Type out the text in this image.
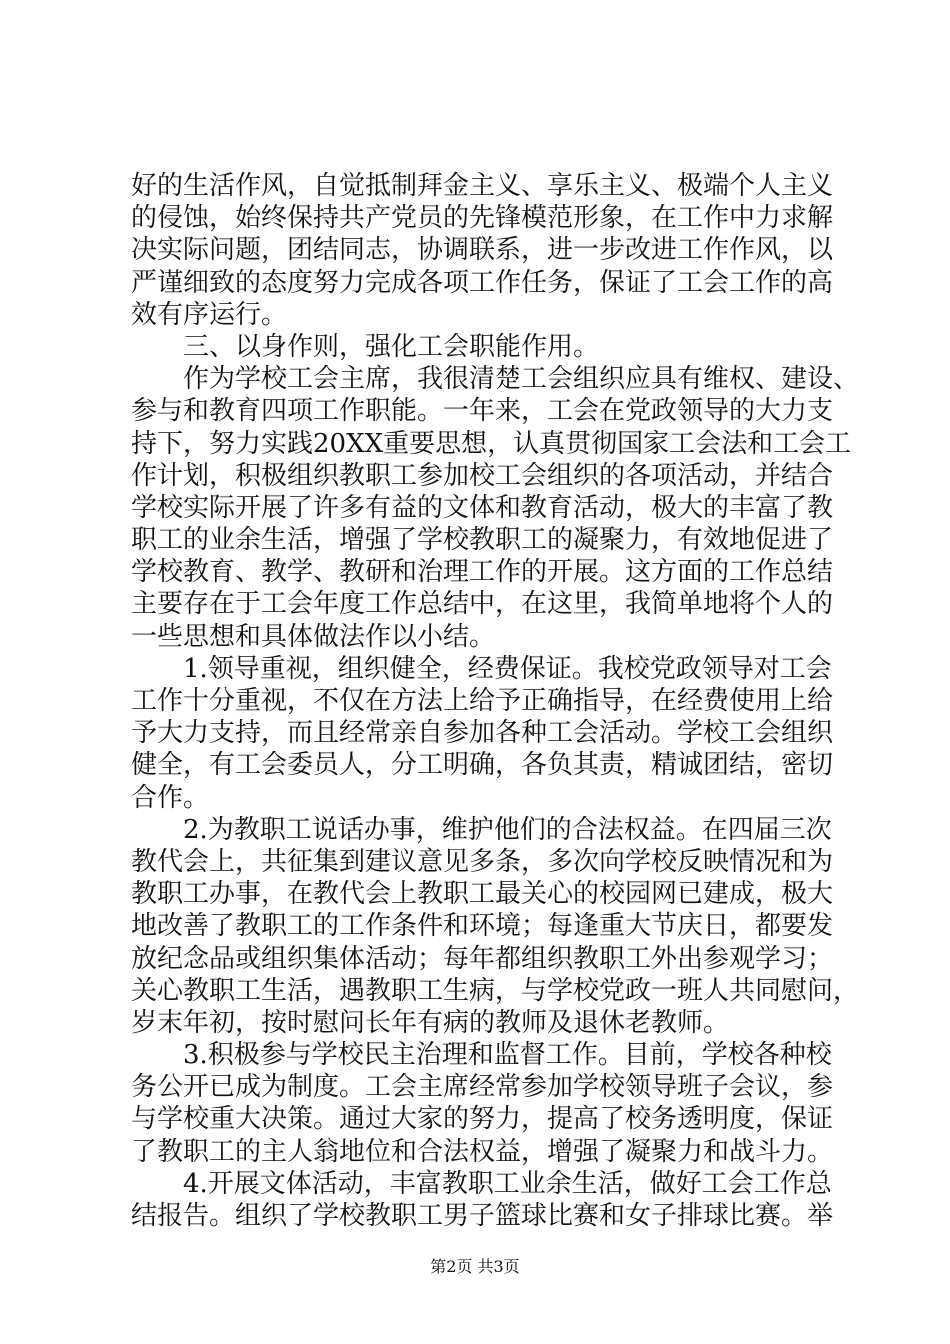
好的生活作风，自觉抵制拜金主义、享乐主义、极端个人主义
的侵蚀，始终保持共产党员的先锋模范形象，在工作中力求解
决实际问题，团结同志，协调联系，进一步改进工作作风，以
严谨细致的态度努力完成各项工作任务，保证了工会工作的高
效有序运行。
三、以身作则，强化工会职能作用。
作为学校工会主席，我很清楚工会组织应具有维权、建设、
参与和教育四项工作职能。一年来，工会在党政领导的大力支
持下，努力实践20XX重要思想，认真贯彻国家工会法和工会工
作计划，积极组织教职工参加校工会组织的各项活动，并结合
学校实际开展了许多有益的文体和教育活动，极大的丰富了教
职工的业余生活，增强了学校教职工的凝聚力，有效地促进了
学校教育、教学、教研和治理工作的开展。这方面的工作总结
主要存在于工会年度工作总结中，在这里，我简单地将个人的
一些思想和具体做法作以小结。
1.领导重视，组织健全，经费保证。我校党政领导对工会
工作十分重视，不仅在方法上给予正确指导，在经费使用上给
予大力支持，而且经常亲自参加各种工会活动。学校工会组织
健全，有工会委员人，分工明确，各负其责，精诚团结，密切
合作。
2.为教职工说话办事，维护他们的合法权益。在四届三次
教代会上，共征集到建议意见多条，多次向学校反映情况和为
教职工办事，在教代会上教职工最关心的校园网已建成，极大
地改善了教职工的工作条件和环境；每逢重大节庆日，都要发
放纪念品或组织集体活动；每年都组织教职工外出参观学习；
关心教职工生活，遇教职工生病，与学校党政一班人共同慰问，
岁末年初，按时慰问长年有病的教师及退休老教师。
3.积极参与学校民主治理和监督工作。目前，学校各种校
务公开已成为制度。工会主席经常参加学校领导班子会议，参
与学校重大决策。通过大家的努力，提高了校务透明度，保证
了教职工的主人翁地位和合法权益，增强了凝聚力和战斗力。
4.开展文体活动，丰富教职工业余生活，做好工会工作总
结报告。组织了学校教职工男子篮球比赛和女子排球比赛。举
第2页 共3页
